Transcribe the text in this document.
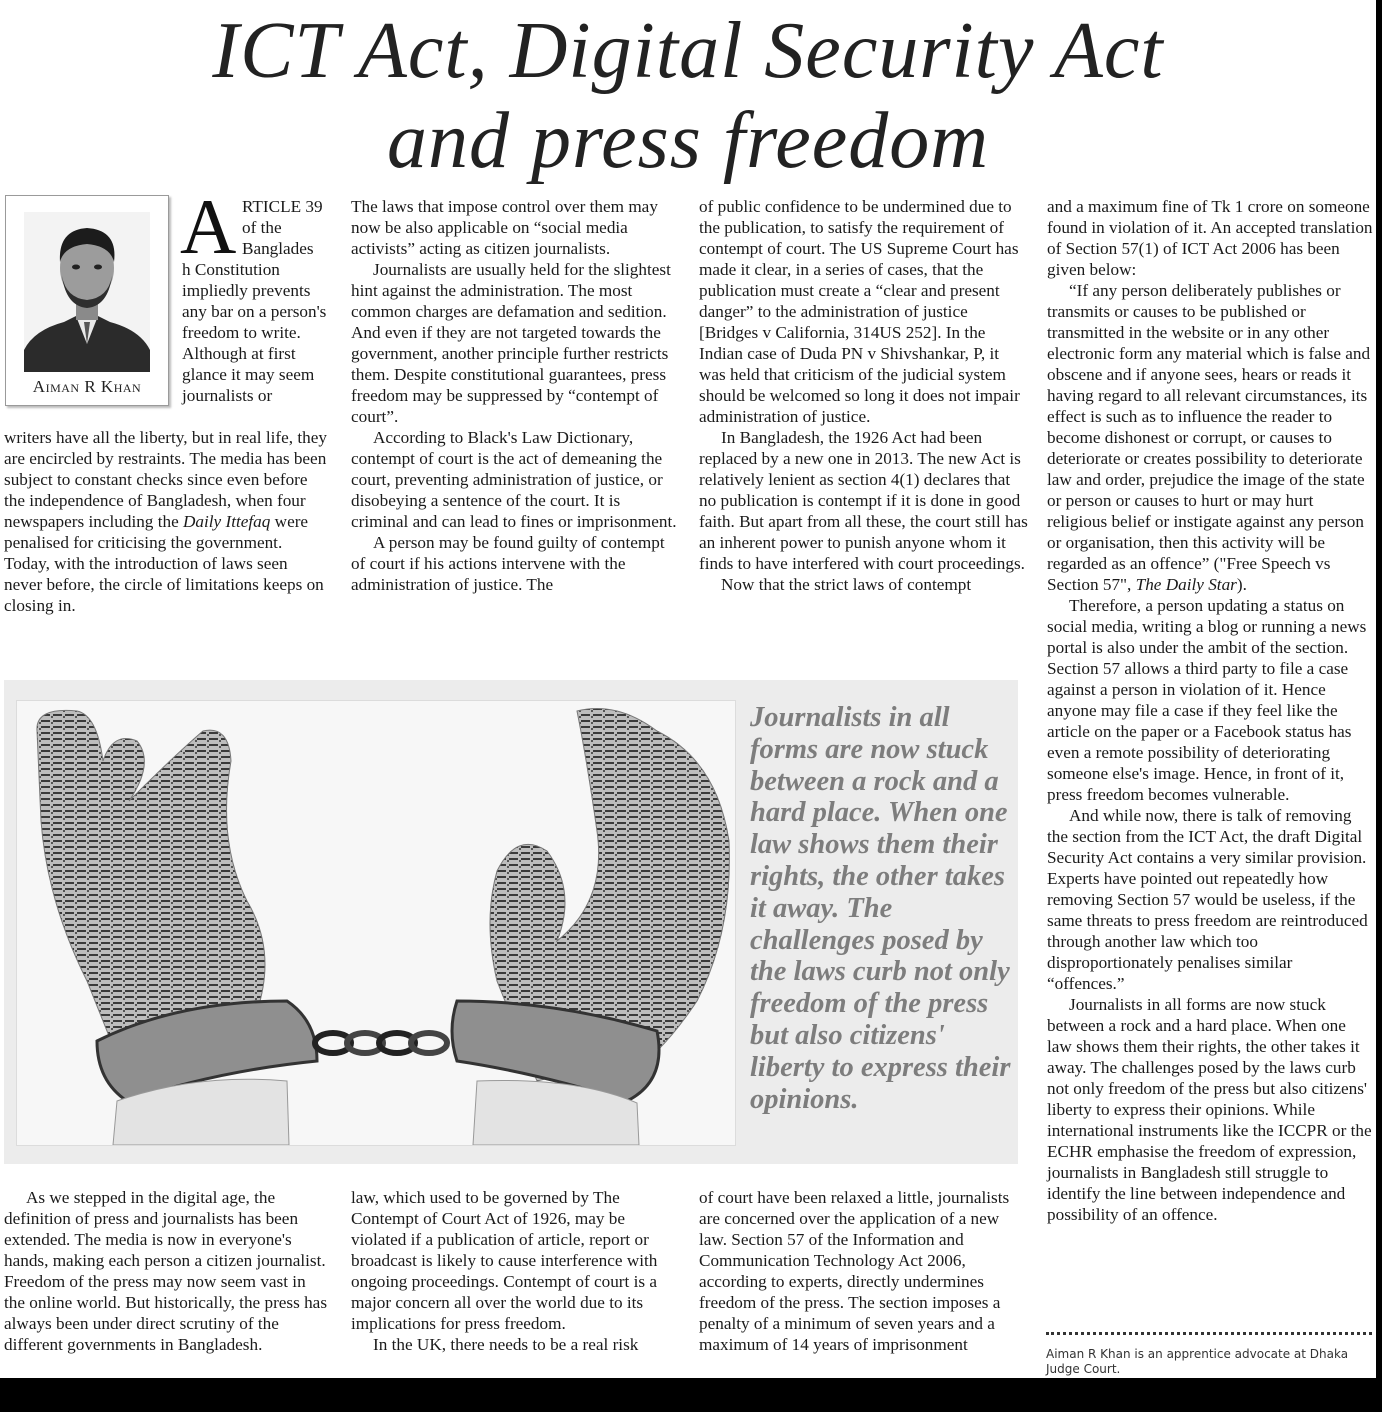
ICT Act, Digital Security Act
and press freedom
Aiman R Khan
A RTICLE 39
of the
Banglades
h Constitution impliedly prevents any bar on a person's freedom to write. Although at first glance it may seem journalists or

writers have all the liberty, but in real life, they are encircled by restraints. The media has been subject to constant checks since even before the independence of Bangladesh, when four newspapers including the Daily Ittefaq were penalised for criticising the government. Today, with the introduction of laws seen never before, the circle of limitations keeps on closing in.

The laws that impose control over them may now be also applicable on “social media activists” acting as citizen journalists.

Journalists are usually held for the slightest hint against the administration. The most common charges are defamation and sedition. And even if they are not targeted towards the government, another principle further restricts them. Despite constitutional guarantees, press freedom may be suppressed by “contempt of court”.

According to Black's Law Dictionary, contempt of court is the act of demeaning the court, preventing administration of justice, or disobeying a sentence of the court. It is criminal and can lead to fines or imprisonment.

A person may be found guilty of contempt of court if his actions intervene with the administration of justice. The

of public confidence to be undermined due to the publication, to satisfy the requirement of contempt of court. The US Supreme Court has made it clear, in a series of cases, that the publication must create a “clear and present danger” to the administration of justice [Bridges v California, 314US 252]. In the Indian case of Duda PN v Shivshankar, P, it was held that criticism of the judicial system should be welcomed so long it does not impair administration of justice.

In Bangladesh, the 1926 Act had been replaced by a new one in 2013. The new Act is relatively lenient as section 4(1) declares that no publication is contempt if it is done in good faith. But apart from all these, the court still has an inherent power to punish anyone whom it finds to have interfered with court proceedings.

Now that the strict laws of contempt

and a maximum fine of Tk 1 crore on someone found in violation of it. An accepted translation of Section 57(1) of ICT Act 2006 has been given below:

“If any person deliberately publishes or transmits or causes to be published or transmitted in the website or in any other electronic form any material which is false and obscene and if anyone sees, hears or reads it having regard to all relevant circumstances, its effect is such as to influence the reader to become dishonest or corrupt, or causes to deteriorate or creates possibility to deteriorate law and order, prejudice the image of the state or person or causes to hurt or may hurt religious belief or instigate against any person or organisation, then this activity will be regarded as an offence” ("Free Speech vs Section 57", The Daily Star).

Therefore, a person updating a status on social media, writing a blog or running a news portal is also under the ambit of the section. Section 57 allows a third party to file a case against a person in violation of it. Hence anyone may file a case if they feel like the article on the paper or a Facebook status has even a remote possibility of deteriorating someone else's image. Hence, in front of it, press freedom becomes vulnerable.

And while now, there is talk of removing the section from the ICT Act, the draft Digital Security Act contains a very similar provision. Experts have pointed out repeatedly how removing Section 57 would be useless, if the same threats to press freedom are reintroduced through another law which too disproportionately penalises similar “offences.”

Journalists in all forms are now stuck between a rock and a hard place. When one law shows them their rights, the other takes it away. The challenges posed by the laws curb not only freedom of the press but also citizens' liberty to express their opinions. While international instruments like the ICCPR or the ECHR emphasise the freedom of expression, journalists in Bangladesh still struggle to identify the line between independence and possibility of an offence.

Journalists in all forms are now stuck between a rock and a hard place. When one law shows them their rights, the other takes it away. The challenges posed by the laws curb not only freedom of the press but also citizens' liberty to express their opinions.

As we stepped in the digital age, the definition of press and journalists has been extended. The media is now in everyone's hands, making each person a citizen journalist. Freedom of the press may now seem vast in the online world. But historically, the press has always been under direct scrutiny of the different governments in Bangladesh.

law, which used to be governed by The Contempt of Court Act of 1926, may be violated if a publication of article, report or broadcast is likely to cause interference with ongoing proceedings. Contempt of court is a major concern all over the world due to its implications for press freedom.

In the UK, there needs to be a real risk

of court have been relaxed a little, journalists are concerned over the application of a new law. Section 57 of the Information and Communication Technology Act 2006, according to experts, directly undermines freedom of the press. The section imposes a penalty of a minimum of seven years and a maximum of 14 years of imprisonment	Aiman R Khan is an apprentice advocate at Dhaka Judge Court.
